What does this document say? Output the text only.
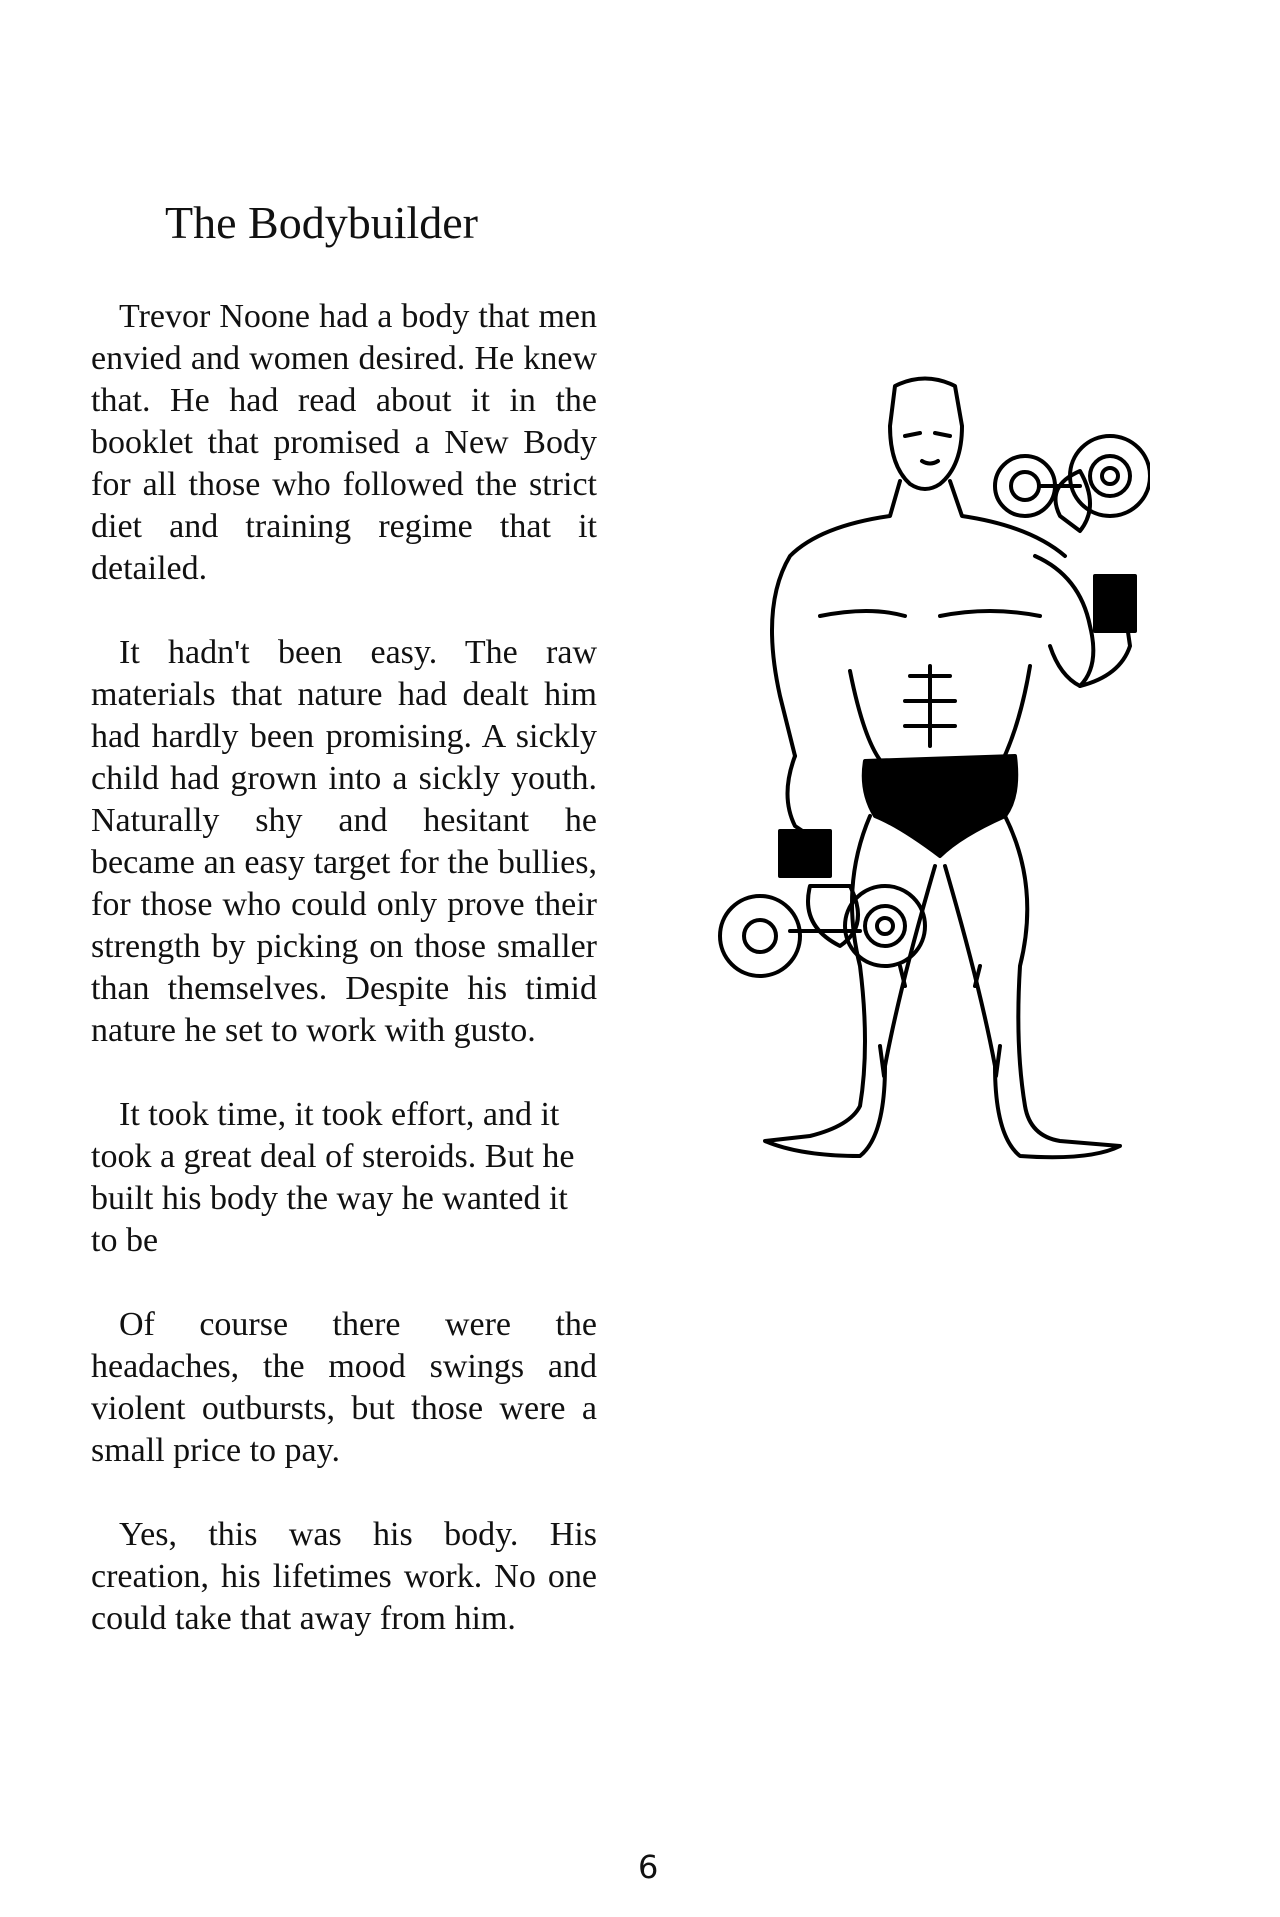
The Bodybuilder

Trevor Noone had a body that men envied and women desired. He knew that. He had read about it in the booklet that promised a New Body for all those who followed the strict diet and training regime that it detailed.

It hadn't been easy. The raw materials that nature had dealt him had hardly been promising. A sickly child had grown into a sickly youth. Naturally shy and hesitant he became an easy target for the bullies, for those who could only prove their strength by picking on those smaller than themselves. Despite his timid nature he set to work with gusto.

It took time, it took effort, and it took a great deal of steroids. But he built his body the way he wanted it to be

Of course there were the headaches, the mood swings and violent outbursts, but those were a small price to pay.

Yes, this was his body. His creation, his lifetimes work. No one could take that away from him.

6
